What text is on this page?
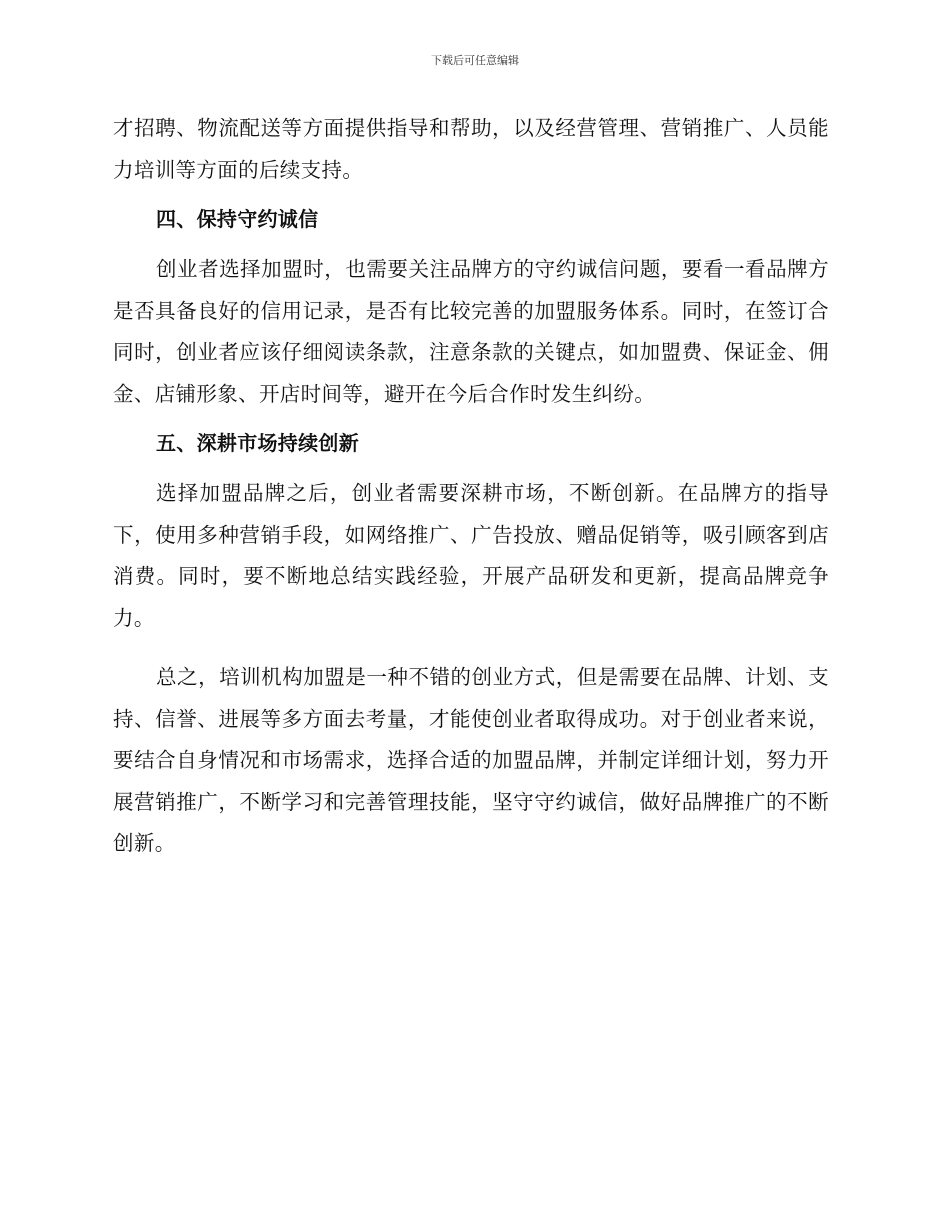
下载后可任意编辑

才招聘、物流配送等方面提供指导和帮助，以及经营管理、营销推广、人员能力培训等方面的后续支持。

四、保持守约诚信

创业者选择加盟时，也需要关注品牌方的守约诚信问题，要看一看品牌方是否具备良好的信用记录，是否有比较完善的加盟服务体系。同时，在签订合同时，创业者应该仔细阅读条款，注意条款的关键点，如加盟费、保证金、佣金、店铺形象、开店时间等，避开在今后合作时发生纠纷。

五、深耕市场持续创新

选择加盟品牌之后，创业者需要深耕市场，不断创新。在品牌方的指导下，使用多种营销手段，如网络推广、广告投放、赠品促销等，吸引顾客到店消费。同时，要不断地总结实践经验，开展产品研发和更新，提高品牌竞争力。

总之，培训机构加盟是一种不错的创业方式，但是需要在品牌、计划、支持、信誉、进展等多方面去考量，才能使创业者取得成功。对于创业者来说，要结合自身情况和市场需求，选择合适的加盟品牌，并制定详细计划，努力开展营销推广，不断学习和完善管理技能，坚守守约诚信，做好品牌推广的不断创新。
